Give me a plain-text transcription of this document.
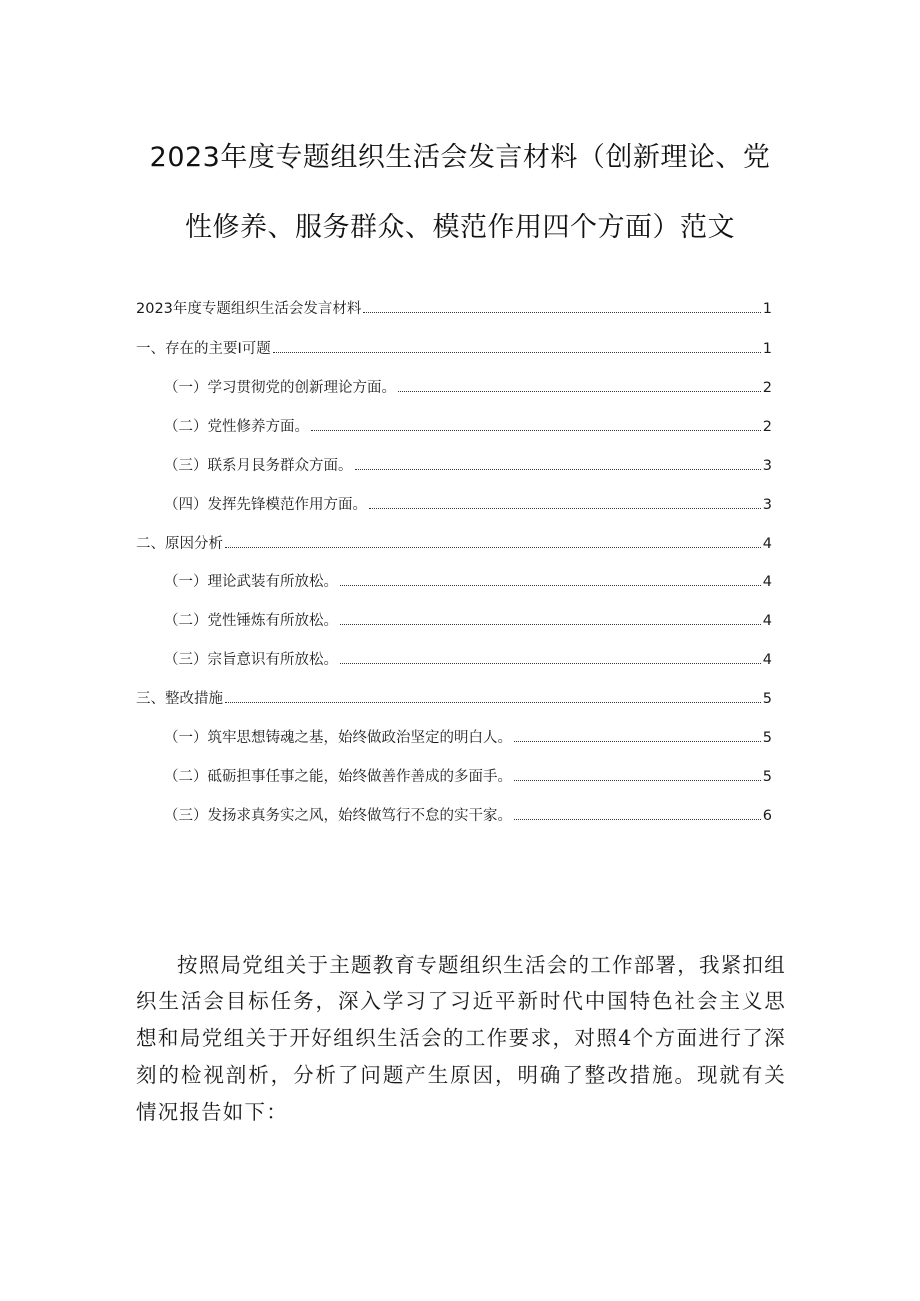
2023年度专题组织生活会发言材料（创新理论、党
性修养、服务群众、模范作用四个方面）范文
2023年度专题组织生活会发言材料	1
一、存在的主要I可题	1
（一）学习贯彻党的创新理论方面。	2
（二）党性修养方面。	2
（三）联系月艮务群众方面。	3
（四）发挥先锋模范作用方面。	3
二、原因分析	4
（一）理论武装有所放松。	4
（二）党性锤炼有所放松。	4
（三）宗旨意识有所放松。	4
三、整改措施	5
（一）筑牢思想铸魂之基，始终做政治坚定的明白人。	5
（二）砥砺担事任事之能，始终做善作善成的多面手。	5
（三）发扬求真务实之风，始终做笃行不怠的实干家。	6

按照局党组关于主题教育专题组织生活会的工作部署，我紧扣组织生活会目标任务，深入学习了习近平新时代中国特色社会主义思想和局党组关于开好组织生活会的工作要求，对照4个方面进行了深刻的检视剖析，分析了问题产生原因，明确了整改措施。现就有关情况报告如下：
